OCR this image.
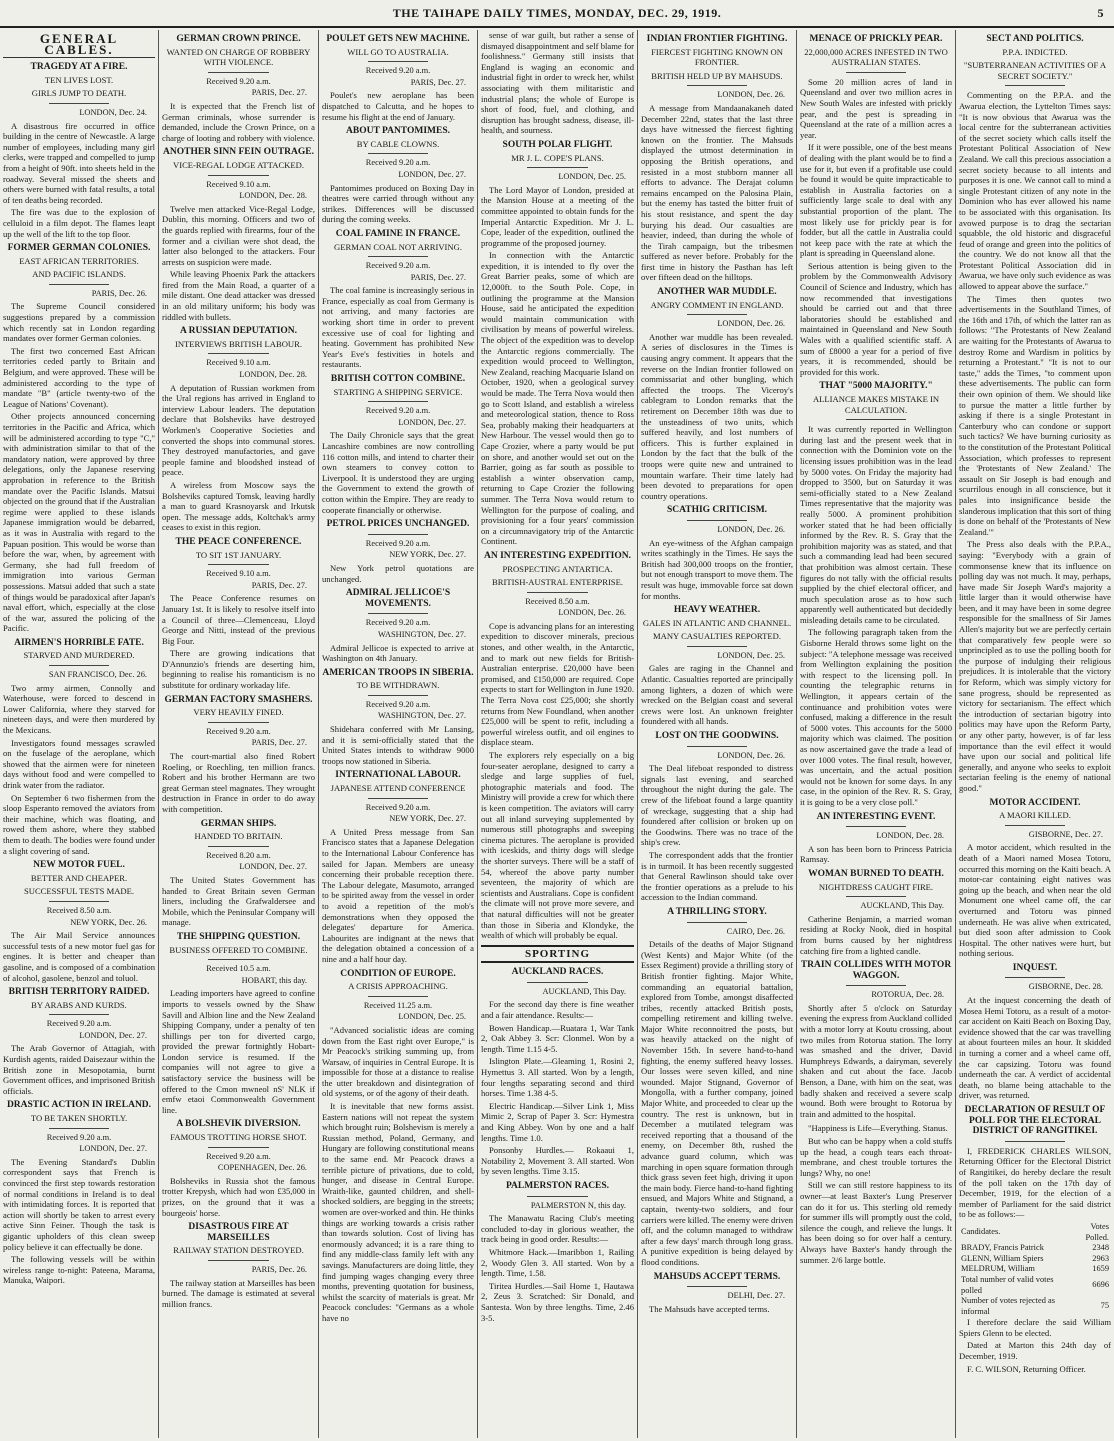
THE TAIHAPE DAILY TIMES, MONDAY, DEC. 29, 1919.	5
GENERAL CABLES.
TRAGEDY AT A FIRE.
TEN LIVES LOST.
GIRLS JUMP TO DEATH.
LONDON, Dec. 24.

A disastrous fire occurred in office building in the centre of Newcastle. A large number of employees, including many girl clerks, were trapped and compelled to jump from a height of 90ft. into sheets held in the roadway. Several missed the sheets and others were burned with fatal results, a total of ten deaths being recorded.

The fire was due to the explosion of celluloid in a film depot. The flames leapt up the well of the lift to the top floor.

FORMER GERMAN COLONIES.
EAST AFRICAN TERRITORIES.
AND PACIFIC ISLANDS.
PARIS, Dec. 26.

The Supreme Council considered suggestions prepared by a commission which recently sat in London regarding mandates over former German colonies.

The first two concerned East African territories ceded partly to Britain and Belgium, and were approved. These will be administered according to the type of mandate "B" (article twenty-two of the League of Nations' Covenant).

Other projects announced concerning territories in the Pacific and Africa, which will be administered according to type "C," with administration similar to that of the mandatory nation, were approved by three delegations, only the Japanese reserving approbation in reference to the British mandate over the Pacific Islands. Matsui objected on the ground that if the Australian regime were applied to these islands Japanese immigration would be debarred, as it was in Australia with regard to the Papuan position. This would be worse than before the war, when, by agreement with Germany, she had full freedom of immigration into various German possessions. Matsui added that such a state of things would be paradoxical after Japan's naval effort, which, especially at the close of the war, assured the policing of the Pacific.

AIRMEN'S HORRIBLE FATE.
STARVED AND MURDERED.
SAN FRANCISCO, Dec. 26.

Two army airmen, Connolly and Waterhouse, were forced to descend in Lower California, where they starved for nineteen days, and were then murdered by the Mexicans.

Investigators found messages scrawled on the fuselage of the aeroplane, which showed that the airmen were for nineteen days without food and were compelled to drink water from the radiator.

On September 6 two fishermen from the sloop Esperanto removed the aviators from their machine, which was floating, and rowed them ashore, where they stabbed them to death. The bodies were found under a slight covering of sand.

NEW MOTOR FUEL.
BETTER AND CHEAPER.
SUCCESSFUL TESTS MADE.
Received 8.50 a.m.
NEW YORK, Dec. 26.

The Air Mail Service announces successful tests of a new motor fuel gas for engines. It is better and cheaper than gasoline, and is composed of a combination of alcohol, gasolene, benzol and toluol.

BRITISH TERRITORY RAIDED.
BY ARABS AND KURDS.
Received 9.20 a.m.
LONDON, Dec. 27.

The Arab Governor of Attagiah, with Kurdish agents, raided Daisezaur within the British zone in Mesopotamia, burnt Government offices, and imprisoned British officials.

DRASTIC ACTION IN IRELAND.
TO BE TAKEN SHORTLY.
Received 9.20 a.m.
LONDON, Dec. 27.

The Evening Standard's Dublin correspondent says that French is convinced the first step towards restoration of normal conditions in Ireland is to deal with intimidating forces. It is reported that action will shortly be taken to arrest every active Sinn Feiner. Though the task is gigantic upholders of this clean sweep policy believe it can effectually be done.

The following vessels will be within wireless range to-night: Pateena, Marama, Manuka, Waipori.

GERMAN CROWN PRINCE.
WANTED ON CHARGE OF ROBBERY WITH VIOLENCE.
Received 9.20 a.m.
PARIS, Dec. 27.

It is expected that the French list of German criminals, whose surrender is demanded, include the Crown Prince, on a charge of looting and robbery with violence.

ANOTHER SINN FEIN OUTRAGE.
VICE-REGAL LODGE ATTACKED.
Received 9.10 a.m.
LONDON, Dec. 28.

Twelve men attacked Vice-Regal Lodge, Dublin, this morning. Officers and two of the guards replied with firearms, four of the former and a civilian were shot dead, the latter also belonged to the attackers. Four arrests on suspicion were made.

While leaving Phoenix Park the attackers fired from the Main Road, a quarter of a mile distant. One dead attacker was dressed in an old military uniform; his body was riddled with bullets.

A RUSSIAN DEPUTATION.
INTERVIEWS BRITISH LABOUR.
Received 9.10 a.m.
LONDON, Dec. 28.

A deputation of Russian workmen from the Ural regions has arrived in England to interview Labour leaders. The deputation declare that Bolsheviks have destroyed Workmen's Cooperative Societies and converted the shops into communal stores. They destroyed manufactories, and gave people famine and bloodshed instead of peace.

A wireless from Moscow says the Bolsheviks captured Tomsk, leaving hardly a man to guard Krasnoyarsk and Irkutsk open. The message adds, Koltchak's army ceases to exist in this region.

THE PEACE CONFERENCE.
TO SIT 1ST JANUARY.
Received 9.10 a.m.
PARIS, Dec. 27.

The Peace Conference resumes on January 1st. It is likely to resolve itself into a Council of three—Clemenceau, Lloyd George and Nitti, instead of the previous Big Four.

There are growing indications that D'Annunzio's friends are deserting him, beginning to realise his romanticism is no substitute for ordinary workaday life.

GERMAN FACTORY SMASHERS.
VERY HEAVILY FINED.
Received 9.20 a.m.
PARIS, Dec. 27.

The court-martial also fined Robert Roeling, or Roechling, ten million francs. Robert and his brother Hermann are two great German steel magnates. They wrought destruction in France in order to do away with competition.

GERMAN SHIPS.
HANDED TO BRITAIN.
Received 8.20 a.m.
LONDON, Dec. 27.

The United States Government has handed to Great Britain seven German liners, including the Grafwaldersee and Mobile, which the Peninsular Company will manage.

THE SHIPPING QUESTION.
BUSINESS OFFERED TO COMBINE.
Received 10.5 a.m.
HOBART, this day.

Leading importers have agreed to confine imports to vessels owned by the Shaw Savill and Albion line and the New Zealand Shipping Company, under a penalty of ten shillings per ton for diverted cargo, provided the prewar fortnightly Hobart-London service is resumed. If the companies will not agree to give a satisfactory service the business will be offered to the Cmon mwneol nS' NLK if emfw etaoi Commonwealth Government line.

A BOLSHEVIK DIVERSION.
FAMOUS TROTTING HORSE SHOT.
Received 9.20 a.m.
COPENHAGEN, Dec. 26.

Bolsheviks in Russia shot the famous trotter Krepysh, which had won £35,000 in prizes, on the ground that it was a bourgeois' horse.

DISASTROUS FIRE AT MARSEILLES
RAILWAY STATION DESTROYED.
PARIS, Dec. 26.

The railway station at Marseilles has been burned. The damage is estimated at several million francs.

POULET GETS NEW MACHINE.
WILL GO TO AUSTRALIA.
Received 9.20 a.m.
PARIS, Dec. 27.

Poulet's new aeroplane has been dispatched to Calcutta, and he hopes to resume his flight at the end of January.

ABOUT PANTOMIMES.
BY CABLE CLOWNS.
Received 9.20 a.m.
LONDON, Dec. 27.

Pantomimes produced on Boxing Day in theatres were carried through without any strikes. Differences will be discussed during the coming weeks.

COAL FAMINE IN FRANCE.
GERMAN COAL NOT ARRIVING.
Received 9.20 a.m.
PARIS, Dec. 27.

The coal famine is increasingly serious in France, especially as coal from Germany is not arriving, and many factories are working short time in order to prevent excessive use of coal for lighting and heating. Government has prohibited New Year's Eve's festivities in hotels and restaurants.

BRITISH COTTON COMBINE.
STARTING A SHIPPING SERVICE.
Received 9.20 a.m.
LONDON, Dec. 27.

The Daily Chronicle says that the great Lancashire combines are now controlling 116 cotton mills, and intend to charter their own steamers to convey cotton to Liverpool. It is understood they are urging the Government to extend the growth of cotton within the Empire. They are ready to cooperate financially or otherwise.

PETROL PRICES UNCHANGED.
Received 9.20 a.m.
NEW YORK, Dec. 27.

New York petrol quotations are unchanged.

ADMIRAL JELLICOE'S MOVEMENTS.
Received 9.20 a.m.
WASHINGTON, Dec. 27.

Admiral Jellicoe is expected to arrive at Washington on 4th January.

AMERICAN TROOPS IN SIBERIA.
TO BE WITHDRAWN.
Received 9.20 a.m.
WASHINGTON, Dec. 27.

Shidehara conferred with Mr Lansing, and it is semi-officially stated that the United States intends to withdraw 9000 troops now stationed in Siberia.

INTERNATIONAL LABOUR.
JAPANESE ATTEND CONFERENCE
Received 9.20 a.m.
NEW YORK, Dec. 27.

A United Press message from San Francisco states that a Japanese Delegation to the International Labour Conference has sailed for Japan. Members are uneasy concerning their probable reception there. The Labour delegate, Masumoto, arranged to be spirited away from the vessel in order to avoid a repetition of the mob's demonstrations when they opposed the delegates' departure for America. Labourites are indignant at the news that the delegation obtained a concession of a nine and a half hour day.

CONDITION OF EUROPE.
A CRISIS APPROACHING.
Received 11.25 a.m.
LONDON, Dec. 25.

"Advanced socialistic ideas are coming down from the East right over Europe," is Mr Peacock's striking summing up, from Warsaw, of inquiries in Central Europe. It is impossible for those at a distance to realise the utter breakdown and disintegration of old systems, or of the agony of their death.

It is inevitable that new forms assist. Eastern nations will not repeat the system which brought ruin; Bolshevism is merely a Russian method, Poland, Germany, and Hungary are following constitutional means to the same end. Mr Peacock draws a terrible picture of privations, due to cold, hunger, and disease in Central Europe. Wraith-like, gaunted children, and shell-shocked soldiers, are begging in the streets; women are over-worked and thin. He thinks things are working towards a crisis rather than towards solution. Cost of living has enormously advanced; it is a rare thing to find any middle-class family left with any savings. Manufacturers are doing little, they find jumping wages changing every three months, preventing quotation for business, whilst the scarcity of materials is great. Mr Peacock concludes: "Germans as a whole have no

sense of war guilt, but rather a sense of dismayed disappointment and self blame for foolishness." Germany still insists that England is waging an economic and industrial fight in order to wreck her, whilst associating with them militaristic and industrial plans; the whole of Europe is short of food, fuel, and clothing, and disruption has brought sadness, disease, ill-health, and sourness.

SOUTH POLAR FLIGHT.
MR J. L. COPE'S PLANS.
LONDON, Dec. 25.

The Lord Mayor of London, presided at the Mansion House at a meeting of the committee appointed to obtain funds for the Imperial Antarctic Expedition. Mr J. L. Cope, leader of the expedition, outlined the programme of the proposed journey.

In connection with the Antarctic expedition, it is intended to fly over the Great Barrier peaks, some of which are 12,000ft. to the South Pole. Cope, in outlining the programme at the Mansion House, said he anticipated the expedition would maintain communication with civilisation by means of powerful wireless. The object of the expedition was to develop the Antarctic regions commercially. The expedition would proceed to Wellington, New Zealand, reaching Macquarie Island on October, 1920, when a geological survey would be made. The Terra Nova would then go to Scott Island, and establish a wireless and meteorological station, thence to Ross Sea, probably making their headquarters at New Harbour. The vessel would then go to Cape Crozier, where a party would be put on shore, and another would set out on the Barrier, going as far south as possible to establish a winter observation camp, returning to Cape Crozier the following summer. The Terra Nova would return to Wellington for the purpose of coaling, and provisioning for a four years' commission on a circumnavigatory trip of the Antarctic Continent.

AN INTERESTING EXPEDITION.
PROSPECTING ANTARTICA.
BRITISH-AUSTRAL ENTERPRISE.
Received 8.50 a.m.
LONDON, Dec. 26.

Cope is advancing plans for an interesting expedition to discover minerals, precious stones, and other wealth, in the Antarctic, and to mark out new fields for British-Australian enterprise. £20,000 have been promised, and £150,000 are required. Cope expects to start for Wellington in June 1920. The Terra Nova cost £25,000; she shortly returns from New Foundland, when another £25,000 will be spent to refit, including a powerful wireless outfit, and oil engines to displace steam.

The explorers rely especially on a big four-seater aeroplane, designed to carry a sledge and large supplies of fuel, photographic materials and food. The Ministry will provide a crew for which there is keen competition. The aviators will carry out all inland surveying supplemented by numerous still photographs and sweeping cinema pictures. The aeroplane is provided with iceskids, and thirty dogs will sledge the shorter surveys. There will be a staff of 54, whereof the above party number seventeen, the majority of which are scientists and Australians. Cope is confident the climate will not prove more severe, and that natural difficulties will not be greater than those in Siberia and Klondyke, the wealth of which will probably be equal.

SPORTING
AUCKLAND RACES.
AUCKLAND, This Day.

For the second day there is fine weather and a fair attendance. Results:—

Bowen Handicap.—Ruatara 1, War Tank 2, Oak Abbey 3. Scr: Clonmel. Won by a length. Time 1.15 4-5.

Islington Plate.—Gleaming 1, Rosini 2, Hymettus 3. All started. Won by a length, four lengths separating second and third horses. Time 1.38 4-5.

Electric Handicap.—Silver Link 1, Miss Mimic 2, Scrap of Paper 3. Scr: Hymestra and King Abbey. Won by one and a half lengths. Time 1.0.

Ponsonby Hurdles.— Rokaaui 1, Notability 2, Movement 3. All started. Won by seven lengths. Time 3.15.

PALMERSTON RACES.
PALMERSTON N, this day.

The Manawatu Racing Club's meeting concluded to-day in glorious weather, the track being in good order. Results:—

Whitmore Hack.—Imaribbon 1, Railing 2, Woody Glen 3. All started. Won by a length. Time, 1.58.

Tiritea Hurdles.—Sail Home 1, Hautawa 2, Zeus 3. Scratched: Sir Donald, and Santesta. Won by three lengths. Time, 2.46 3-5.

INDIAN FRONTIER FIGHTING.
FIERCEST FIGHTING KNOWN ON FRONTIER.
BRITISH HELD UP BY MAHSUDS.
LONDON, Dec. 26.

A message from Mandaanakaneh dated December 22nd, states that the last three days have witnessed the fiercest fighting known on the frontier. The Mahsuds displayed the utmost determination in opposing the British operations, and resisted in a most stubborn manner all efforts to advance. The Derajat column remains encamped on the Palosina Plain, but the enemy has tasted the bitter fruit of his stout resistance, and spent the day burying his dead. Our casualties are heavier, indeed, than during the whole of the Tirah campaign, but the tribesmen suffered as never before. Probably for the first time in history the Pasthan has left over fifteen dead on the hilltops.

ANOTHER WAR MUDDLE.
ANGRY COMMENT IN ENGLAND.
LONDON, Dec. 26.

Another war muddle has been revealed. A series of disclosures in the Times is causing angry comment. It appears that the reverse on the Indian frontier followed on commissariat and other bungling, which affected the troops. The Viceroy's cablegram to London remarks that the retirement on December 18th was due to the unsteadiness of two units, which suffered heavily, and lost numbers of officers. This is further explained in London by the fact that the bulk of the troops were quite new and untrained to mountain warfare. Their time lately had been devoted to preparations for open country operations.

SCATHIG CRITICISM.
LONDON, Dec. 26.

An eye-witness of the Afghan campaign writes scathingly in the Times. He says the British had 300,000 troops on the frontier, but not enough transport to move them. The result was huge, immovable force sat down for months.

HEAVY WEATHER.
GALES IN ATLANTIC AND CHANNEL.
MANY CASUALTIES REPORTED.
LONDON, Dec. 25.

Gales are raging in the Channel and Atlantic. Casualties reported are principally among lighters, a dozen of which were wrecked on the Belgian coast and several crews were lost. An unknown freighter foundered with all hands.

LOST ON THE GOODWINS.
LONDON, Dec. 26.

The Deal lifeboat responded to distress signals last evening, and searched throughout the night during the gale. The crew of the lifeboat found a large quantity of wreckage, suggesting that a ship had foundered after collision or broken up on the Goodwins. There was no trace of the ship's crew.

The correspondent adds that the frontier is in turmoil. It has been recently suggested that General Rawlinson should take over the frontier operations as a prelude to his accession to the Indian command.

A THRILLING STORY.
CAIRO, Dec. 26.

Details of the deaths of Major Stignand (West Kents) and Major White (of the Essex Regiment) provide a thrilling story of British frontier fighting. Major White, commanding an equatorial battalion, explored from Tombe, amongst disaffected tribes, recently attacked British posts, compelling retirement and killing twelve. Major White reconnoitred the posts, but was heavily attacked on the night of November 15th. In severe hand-to-hand fighting, the enemy suffered heavy losses. Our losses were seven killed, and nine wounded. Major Stignand, Governor of Mongolla, with a further company, joined Major White, and proceeded to clear up the country. The rest is unknown, but in December a mutilated telegram was received reporting that a thousand of the enemy, on December 8th, rushed the advance guard column, which was marching in open square formation through thick grass seven feet high, driving it upon the main body. Fierce hand-to-hand fighting ensued, and Majors White and Stignand, a captain, twenty-two soldiers, and four carriers were killed. The enemy were driven off, and the column managed to withdraw after a few days' march through long grass. A punitive expedition is being delayed by flood conditions.

MAHSUDS ACCEPT TERMS.
DELHI, Dec. 27.

The Mahsuds have accepted terms.

MENACE OF PRICKLY PEAR.
22,000,000 ACRES INFESTED IN TWO AUSTRALIAN STATES.

Some 20 million acres of land in Queensland and over two million acres in New South Wales are infested with prickly pear, and the pest is spreading in Queensland at the rate of a million acres a year.

If it were possible, one of the best means of dealing with the plant would be to find a use for it, but even if a profitable use could be found it would be quite impracticable to establish in Australia factories on a sufficiently large scale to deal with any substantial proportion of the plant. The most likely use for prickly pear is for fodder, but all the cattle in Australia could not keep pace with the rate at which the plant is spreading in Queensland alone.

Serious attention is being given to the problem by the Commonwealth Advisory Council of Science and Industry, which has now recommended that investigations should be carried out and that three laboratories should be established and maintained in Queensland and New South Wales with a qualified scientific staff. A sum of £8000 a year for a period of five years, it is recommended, should be provided for this work.

THAT "5000 MAJORITY."
ALLIANCE MAKES MISTAKE IN CALCULATION.

It was currently reported in Wellington during last and the present week that in connection with the Dominion vote on the licensing issues prohibition was in the lead by 5000 votes. On Friday the majority had dropped to 3500, but on Saturday it was semi-officially stated to a New Zealand Times representative that the majority was really 5000. A prominent prohibition worker stated that he had been officially informed by the Rev. R. S. Gray that the prohibition majority was as stated, and that such a commanding lead had been secured that prohibition was almost certain. These figures do not tally with the official results supplied by the chief electoral officer, and much speculation arose as to how such apparently well authenticated but decidedly misleading details came to be circulated.

The following paragraph taken from the Gisborne Herald throws some light on the subject: "A telephone message was received from Wellington explaining the position with respect to the licensing poll. In counting the telegraphic returns in Wellington, it appears certain of the continuance and prohibition votes were confused, making a difference in the result of 5000 votes. This accounts for the 5000 majority which was claimed. The position as now ascertained gave the trade a lead of over 1000 votes. The final result, however, was uncertain, and the actual position would not be known for some days. In any case, in the opinion of the Rev. R. S. Gray, it is going to be a very close poll."

AN INTERESTING EVENT.
LONDON, Dec. 28.

A son has been born to Princess Patricia Ramsay.

WOMAN BURNED TO DEATH.
NIGHTDRESS CAUGHT FIRE.
AUCKLAND, This Day.

Catherine Benjamin, a married woman residing at Rocky Nook, died in hospital from burns caused by her nightdress catching fire from a lighted candle.

TRAIN COLLIDES WITH MOTOR WAGGON.
ROTORUA, Dec. 28.

Shortly after 5 o'clock on Saturday evening the express from Auckland collided with a motor lorry at Koutu crossing, about two miles from Rotorua station. The lorry was smashed and the driver, David Humphreys Edwards, a dairyman, severely shaken and cut about the face. Jacob Benson, a Dane, with him on the seat, was badly shaken and received a severe scalp wound. Both were brought to Rotorua by train and admitted to the hospital.

"Happiness is Life—Everything. Stanus.

But who can be happy when a cold stuffs up the head, a cough tears each throat-membrane, and chest trouble tortures the lungs? Why, no one!

Still we can still restore happiness to its owner—at least Baxter's Lung Preserver can do it for us. This sterling old remedy for summer ills will promptly oust the cold, silence the cough, and relieve the lungs. It has been doing so for over half a century. Always have Baxter's handy through the summer. 2/6 large bottle.

SECT AND POLITICS.
P.P.A. INDICTED.
"SUBTERRANEAN ACTIVITIES OF A SECRET SOCIETY."

Commenting on the P.P.A. and the Awarua election, the Lyttelton Times says: "It is now obvious that Awarua was the local centre for the subterranean activities of the secret society which calls itself the Protestant Political Association of New Zealand. We call this precious association a secret society because to all intents and purposes it is one. We cannot call to mind a single Protestant citizen of any note in the Dominion who has ever allowed his name to be associated with this organisation. Its avowed purpose is to drag the sectarian squabble, the old historic and disgraceful feud of orange and green into the politics of the country. We do not know all that the Protestant Political Association did in Awarua, we have only such evidence as was allowed to appear above the surface."

The Times then quotes two advertisements in the Southland Times, of the 16th and 17th, of which the latter ran as follows: "The Protestants of New Zealand are waiting for the Protestants of Awarua to destroy Rome and Wardism in politics by returning a Protestant." "It is not to our taste," adds the Times, "to comment upon these advertisements. The public can form their own opinion of them. We should like to pursue the matter a little further by asking if there is a single Protestant in Canterbury who can condone or support such tactics? We have burning curiosity as to the constitution of the Protestant Political Association, which professes to represent the 'Protestants of New Zealand.' The assault on Sir Joseph is bad enough and scurrilous enough in all conscience, but it pales into insignificance beside the slanderous implication that this sort of thing is done on behalf of the 'Protestants of New Zealand.'"

The Press also deals with the P.P.A., saying: "Everybody with a grain of commonsense knew that its influence on polling day was not much. It may, perhaps, have made Sir Joseph Ward's majority a little larger than it would otherwise have been, and it may have been in some degree responsible for the smallness of Sir James Allen's majority but we are perfectly certain that comparatively few people were so unprincipled as to use the polling booth for the purpose of indulging their religious prejudices. It is intolerable that the victory for Reform, which was simply victory for sane progress, should be represented as victory for sectarianism. The effect which the introduction of sectarian bigotry into politics may have upon the Reform Party, or any other party, however, is of far less importance than the evil effect it would have upon our social and political life generally, and anyone who seeks to exploit sectarian feeling is the enemy of national good."

MOTOR ACCIDENT.
A MAORI KILLED.
GISBORNE, Dec. 27.

A motor accident, which resulted in the death of a Maori named Mosea Totoru, occurred this morning on the Kaiti beach. A motor-car containing eight natives was going up the beach, and when near the old Monument one wheel came off, the car overturned and Totoru was pinned underneath. He was alive when extricated, but died soon after admission to Cook Hospital. The other natives were hurt, but nothing serious.

INQUEST.
GISBORNE, Dec. 28.

At the inquest concerning the death of Mosea Hemi Totoru, as a result of a motor-car accident on Kaiti Beach on Boxing Day, evidence showed that the car was travelling at about fourteen miles an hour. It skidded in turning a corner and a wheel came off, the car capsizing. Totoru was found underneath the car. A verdict of accidental death, no blame being attachable to the driver, was returned.

DECLARATION OF RESULT OF POLL FOR THE ELECTORAL DISTRICT OF RANGITIKEI.

I, FREDERICK CHARLES WILSON, Returning Officer for the Electoral District of Rangitikei, do hereby declare the result of the poll taken on the 17th day of December, 1919, for the election of a member of Parliament for the said district to be as follows:—

Candidates.	Votes Polled.
BRADY, Francis Patrick	2348
GLENN, William Spiers	2963
MELDRUM, William	1659
Total number of valid votes polled	6696
Number of votes rejected as informal	75

I therefore declare the said William Spiers Glenn to be elected.

Dated at Marton this 24th day of December, 1919.

F. C. WILSON, Returning Officer.
